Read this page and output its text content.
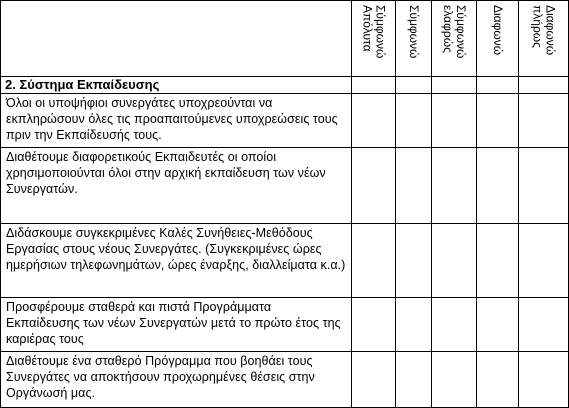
	Σύμφωνώ Απόλυτα	Σύμφωνώ	Σύμφωνώ ελαφρώς	Διαφωνώ	Διαφωνώ πλήρως

2. Σύστημα Εκπαίδευσης					
Όλοι οι υποψήφιοι συνεργάτες υποχρεούνται να εκπληρώσουν όλες τις προαπαιτούμενες υποχρεώσεις τους πριν την Εκπαίδευσής τους.					
Διαθέτουμε διαφορετικούς Εκπαιδευτές οι οποίοι χρησιμοποιούνται όλοι στην αρχική εκπαίδευση των νέων Συνεργατών.					
Διδάσκουμε συγκεκριμένες Καλές Συνήθειες-Μεθόδους Εργασίας στους νέους Συνεργάτες. (Συγκεκριμένες ώρες ημερήσιων τηλεφωνημάτων, ώρες έναρξης, διαλλείματα κ.α.)					
Προσφέρουμε σταθερά και πιστά Προγράμματα Εκπαίδευσης των νέων Συνεργατών μετά το πρώτο έτος της καριέρας τους					
Διαθέτουμε ένα σταθερό Πρόγραμμα που βοηθάει τους Συνεργάτες να αποκτήσουν προχωρημένες θέσεις στην Οργάνωσή μας.					
